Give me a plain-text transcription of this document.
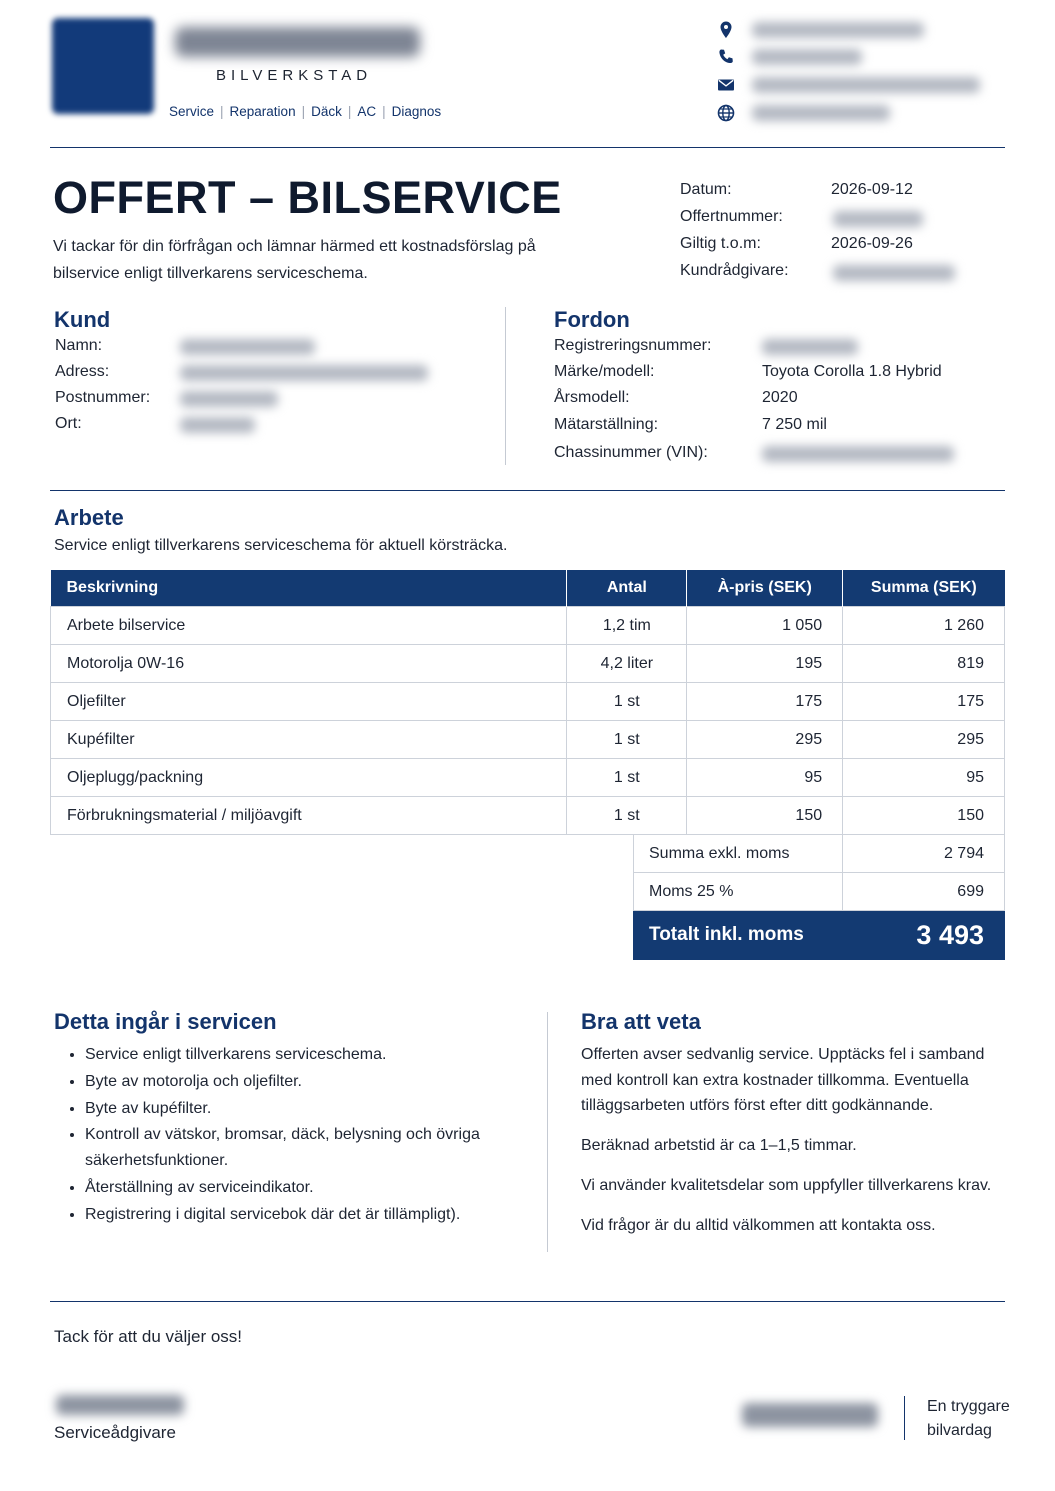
BILVERKSTAD
Service | Reparation | Däck | AC | Diagnos
OFFERT – BILSERVICE
Vi tackar för din förfrågan och lämnar härmed ett kostnadsförslag på bilservice enligt tillverkarens serviceschema.
Datum:	2026-09-12
Offertnummer:
Giltig t.o.m:	2026-09-26
Kundrådgivare:
Kund
Namn:
Adress:
Postnummer:
Ort:
Fordon
Registreringsnummer:
Märke/modell:	Toyota Corolla 1.8 Hybrid
Årsmodell:	2020
Mätarställning:	7 250 mil
Chassinummer (VIN):
Arbete
Service enligt tillverkarens serviceschema för aktuell körsträcka.
Beskrivning	Antal	À-pris (SEK)	Summa (SEK)
Arbete bilservice	1,2 tim	1 050	1 260
Motorolja 0W-16	4,2 liter	195	819
Oljefilter	1 st	175	175
Kupéfilter	1 st	295	295
Oljeplugg/packning	1 st	95	95
Förbrukningsmaterial / miljöavgift	1 st	150	150
Summa exkl. moms	2 794
Moms 25 %	699
Totalt inkl. moms	3 493
Detta ingår i servicen
• Service enligt tillverkarens serviceschema.
• Byte av motorolja och oljefilter.
• Byte av kupéfilter.
• Kontroll av vätskor, bromsar, däck, belysning och övriga säkerhetsfunktioner.
• Återställning av serviceindikator.
• Registrering i digital servicebok där det är tillämpligt).
Bra att veta

Offerten avser sedvanlig service. Upptäcks fel i samband med kontroll kan extra kostnader tillkomma. Eventuella tilläggsarbeten utförs först efter ditt godkännande.

Beräknad arbetstid är ca 1–1,5 timmar.

Vi använder kvalitetsdelar som uppfyller tillverkarens krav.

Vid frågor är du alltid välkommen att kontakta oss.

Tack för att du väljer oss!
Serviceådgivare
En tryggare
bilvardag
